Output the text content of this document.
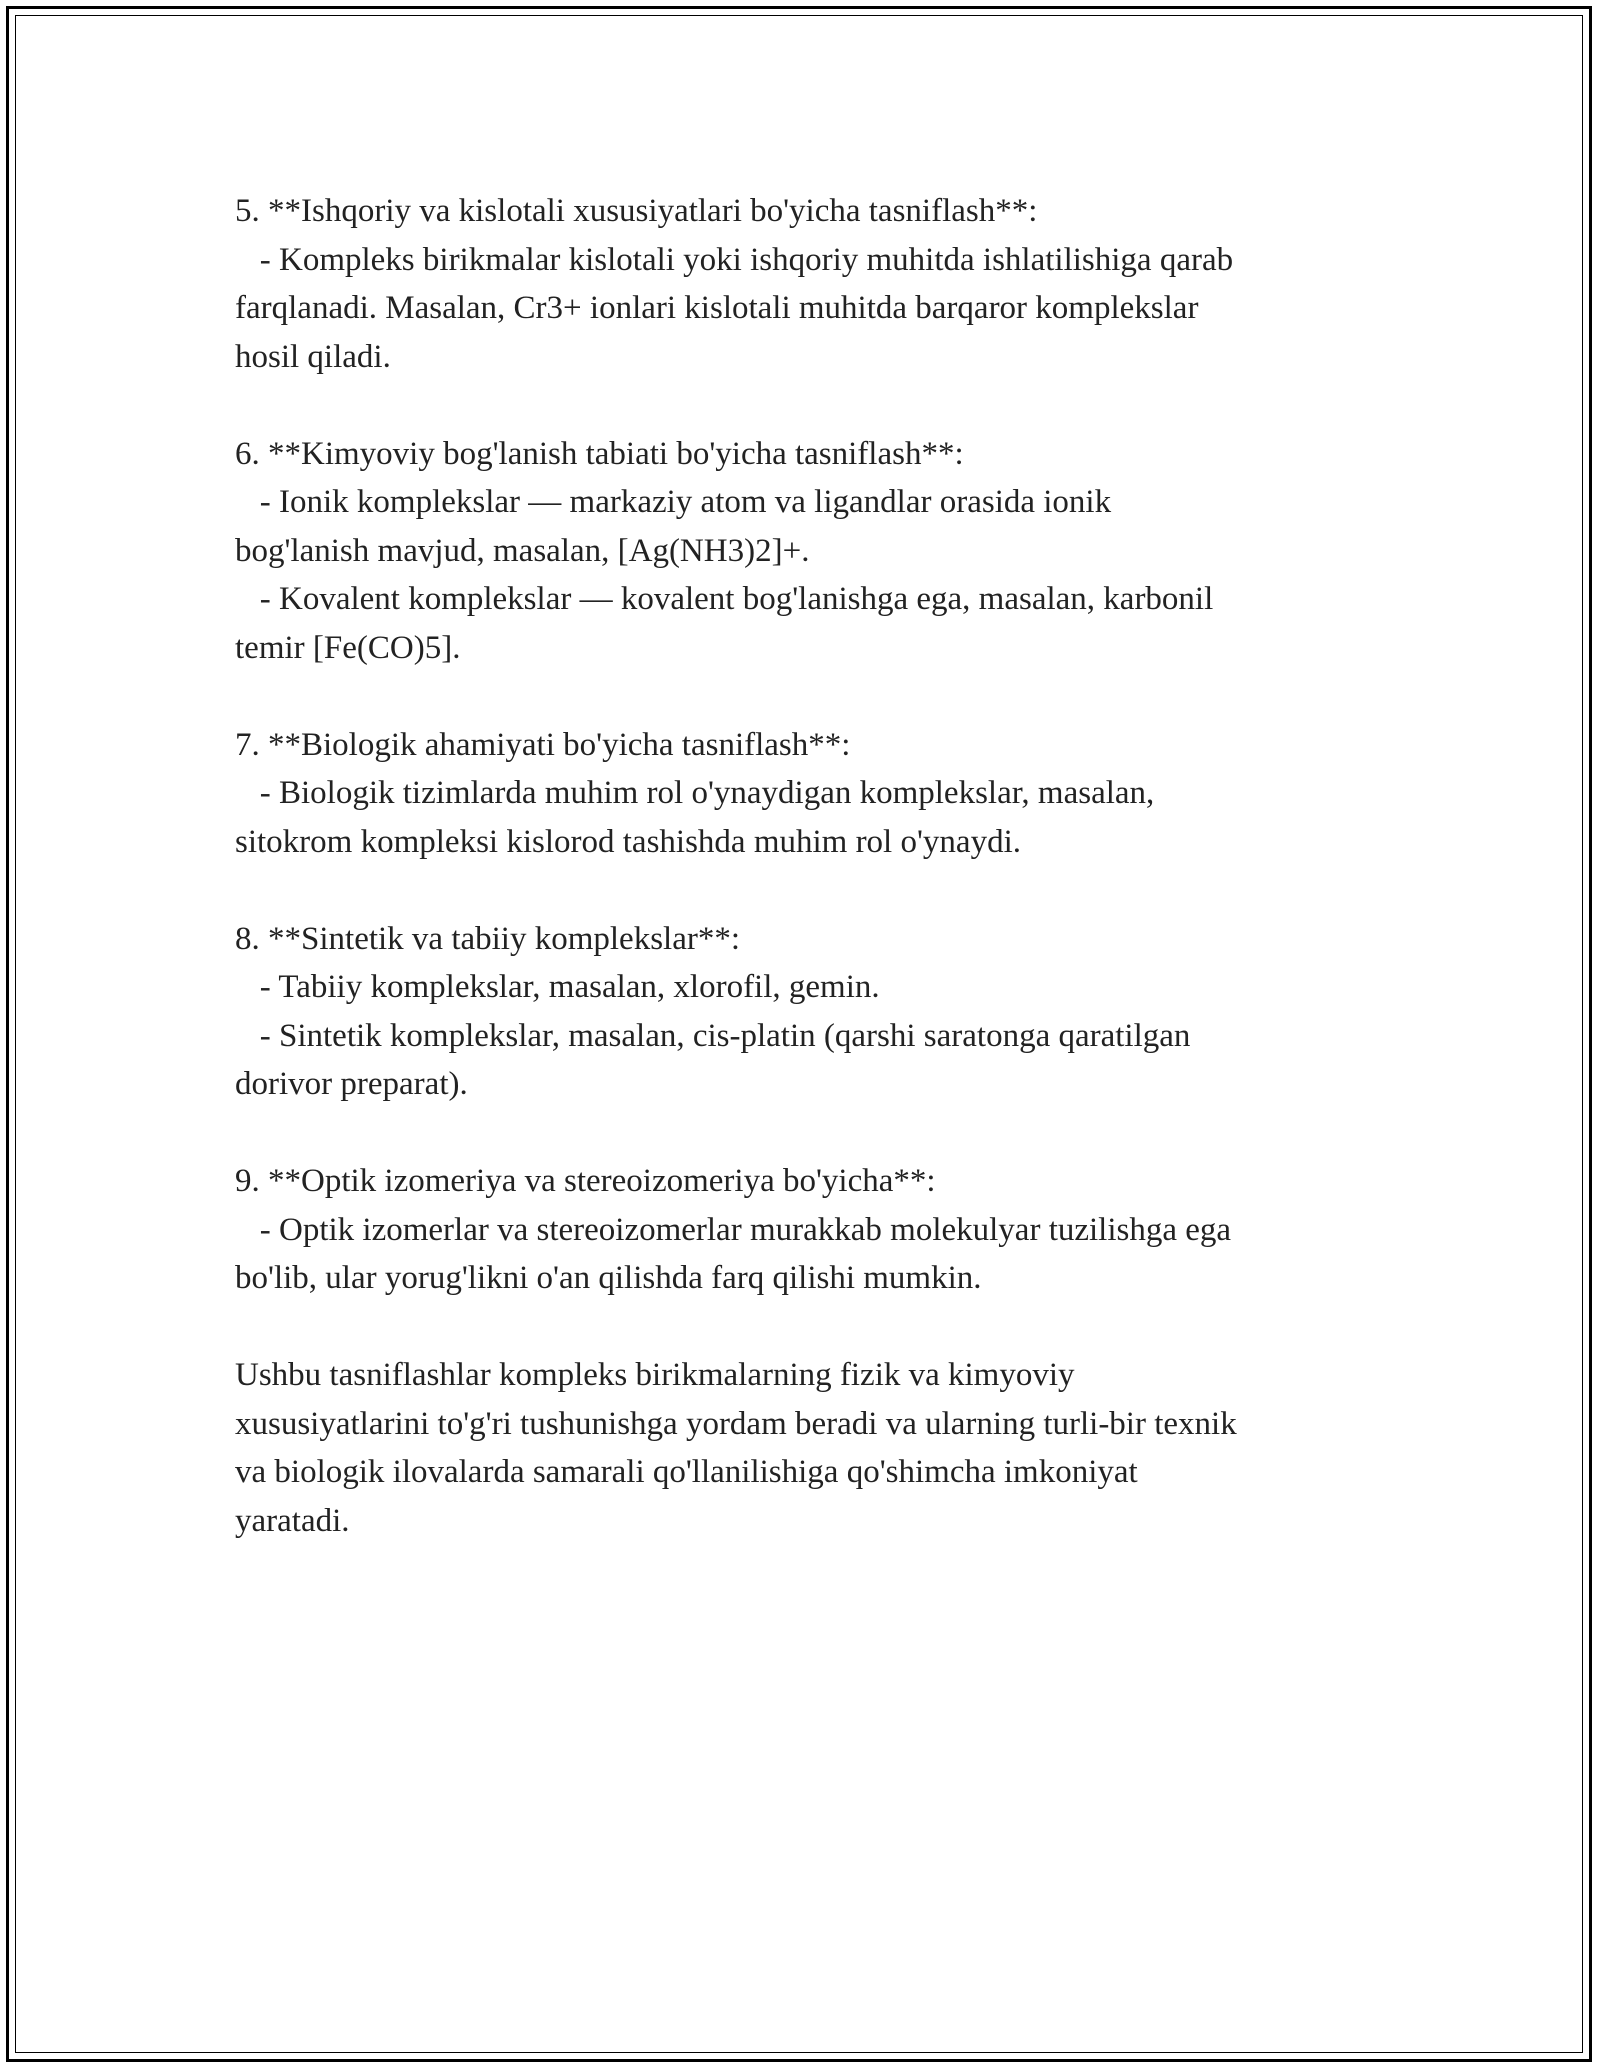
5. **Ishqoriy va kislotali xususiyatlari bo'yicha tasniflash**:
- Kompleks birikmalar kislotali yoki ishqoriy muhitda ishlatilishiga qarab
farqlanadi. Masalan, Cr3+ ionlari kislotali muhitda barqaror komplekslar
hosil qiladi.
6. **Kimyoviy bog'lanish tabiati bo'yicha tasniflash**:
- Ionik komplekslar — markaziy atom va ligandlar orasida ionik
bog'lanish mavjud, masalan, [Ag(NH3)2]+.
- Kovalent komplekslar — kovalent bog'lanishga ega, masalan, karbonil
temir [Fe(CO)5].
7. **Biologik ahamiyati bo'yicha tasniflash**:
- Biologik tizimlarda muhim rol o'ynaydigan komplekslar, masalan,
sitokrom kompleksi kislorod tashishda muhim rol o'ynaydi.
8. **Sintetik va tabiiy komplekslar**:
- Tabiiy komplekslar, masalan, xlorofil, gemin.
- Sintetik komplekslar, masalan, cis-platin (qarshi saratonga qaratilgan
dorivor preparat).
9. **Optik izomeriya va stereoizomeriya bo'yicha**:
- Optik izomerlar va stereoizomerlar murakkab molekulyar tuzilishga ega
bo'lib, ular yorug'likni o'an qilishda farq qilishi mumkin.
Ushbu tasniflashlar kompleks birikmalarning fizik va kimyoviy
xususiyatlarini to'g'ri tushunishga yordam beradi va ularning turli-bir texnik
va biologik ilovalarda samarali qo'llanilishiga qo'shimcha imkoniyat
yaratadi.
